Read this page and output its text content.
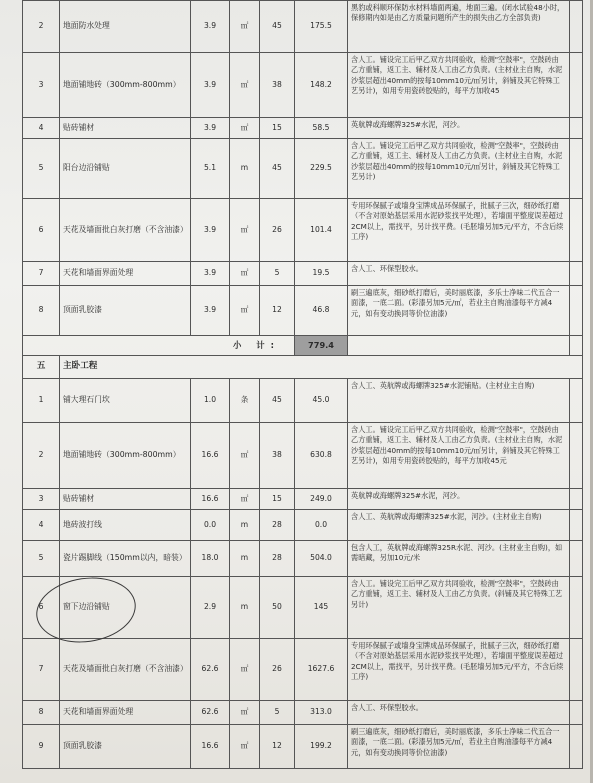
2	地面防水处理	3.9	㎡	45	175.5	黑豹或科顺环保防水材料墙面两遍，地面三遍。(闭水试验48小时，保修期内如是由乙方质量问题所产生的损失由乙方全部负责)	
3	地面铺地砖（300mm-800mm）	3.9	㎡	38	148.2	含人工。铺设完工后甲乙双方共同验收，检测"空鼓率"，空鼓砖由乙方重铺，返工主、辅材及人工由乙方负责。(主材业主自购，水泥沙浆层超出40mm的按每10mm10元/㎡另计，斜铺及其它特殊工艺另计)，如用专用瓷砖胶贴的，每平方加收45	
4	贴砖铺材	3.9	㎡	15	58.5	英航牌或海螺牌325#水泥，河沙。	
5	阳台边沿铺贴	5.1	m	45	229.5	含人工。铺设完工后甲乙双方共同验收，检测"空鼓率"，空鼓砖由乙方重铺，返工主、辅材及人工由乙方负责。(主材业主自购，水泥沙浆层超出40mm的按每10mm10元/㎡另计，斜铺及其它特殊工艺另计)	
6	天花及墙面批白灰打磨（不含油漆）	3.9	㎡	26	101.4	专用环保腻子或墙身宝牌成品环保腻子，批腻子三次，细砂纸打磨（不含对原始基层采用水泥砂浆找平处理），若墙面平整度误差超过2CM以上，需找平，另计找平费。(毛胚墙另加5元/平方，不含后续工序)	
7	天花和墙面界面处理	3.9	㎡	5	19.5	含人工、环保型胶水。	
8	顶面乳胶漆	3.9	㎡	12	46.8	刷三遍底灰，细砂纸打磨后，美时丽底漆，多乐士净味二代五合一面漆，一底二面。(彩漆另加5元/㎡，若业主自购油漆每平方减4元，如有变动换同等价位油漆)	
小 计:					779.4		
五	主卧工程						
1	铺大理石门坎	1.0	条	45	45.0	含人工、英航牌或海螺牌325#水泥铺贴。(主材业主自购)	
2	地面铺地砖（300mm-800mm）	16.6	㎡	38	630.8	含人工。铺设完工后甲乙双方共同验收，检测"空鼓率"，空鼓砖由乙方重铺，返工主、辅材及人工由乙方负责。(主材业主自购，水泥沙浆层超出40mm的按每10mm10元/㎡另计，斜铺及其它特殊工艺另计)，如用专用瓷砖胶贴的，每平方加收45元	
3	贴砖铺材	16.6	㎡	15	249.0	英航牌或海螺牌325#水泥，河沙。	
4	地砖波打线	0.0	m	28	0.0	含人工、英航牌或海螺牌325#水泥，河沙。(主材业主自购)	
5	瓷片踢脚线（150mm以内，暗装）	18.0	m	28	504.0	包含人工，英航牌或海螺牌325R水泥、河沙。(主材业主自购)，如需暗藏，另加10元/米	
6	窗下边沿铺贴	2.9	m	50	145	含人工。铺设完工后甲乙双方共同验收，检测"空鼓率"，空鼓砖由乙方重铺，返工主、辅材及人工由乙方负责。(斜铺及其它特殊工艺另计)	
7	天花及墙面批白灰打磨（不含油漆）	62.6	㎡	26	1627.6	专用环保腻子或墙身宝牌成品环保腻子，批腻子三次，细砂纸打磨（不含对原始基层采用水泥砂浆找平处理），若墙面平整度误差超过2CM以上，需找平，另计找平费。(毛胚墙另加5元/平方，不含后续工序)	
8	天花和墙面界面处理	62.6	㎡	5	313.0	含人工、环保型胶水。	
9	顶面乳胶漆	16.6	㎡	12	199.2	刷三遍底灰，细砂纸打磨后，美时丽底漆，多乐士净味二代五合一面漆，一底二面。(彩漆另加5元/㎡，若业主自购油漆每平方减4元，如有变动换同等价位油漆)	
